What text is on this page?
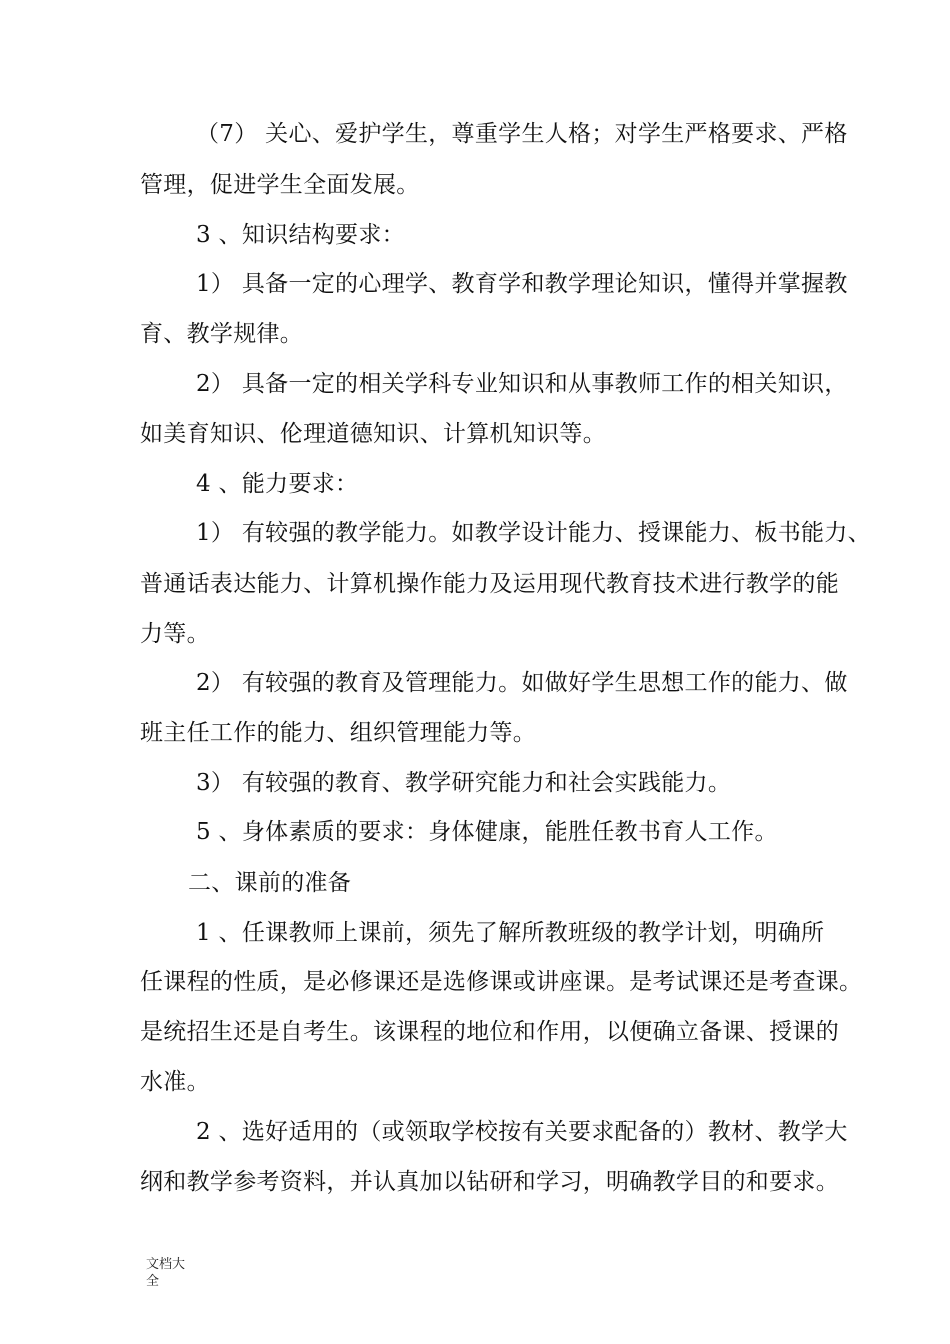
（7） 关心、爱护学生，尊重学生人格；对学生严格要求、严格
管理，促进学生全面发展。
3 、知识结构要求：
1） 具备一定的心理学、教育学和教学理论知识，懂得并掌握教
育、教学规律。
2） 具备一定的相关学科专业知识和从事教师工作的相关知识，
如美育知识、伦理道德知识、计算机知识等。
4 、能力要求：
1） 有较强的教学能力。如教学设计能力、授课能力、板书能力、
普通话表达能力、计算机操作能力及运用现代教育技术进行教学的能
力等。
2） 有较强的教育及管理能力。如做好学生思想工作的能力、做
班主任工作的能力、组织管理能力等。
3） 有较强的教育、教学研究能力和社会实践能力。
5 、身体素质的要求：身体健康，能胜任教书育人工作。
二、课前的准备
1 、任课教师上课前，须先了解所教班级的教学计划，明确所
任课程的性质，是必修课还是选修课或讲座课。是考试课还是考查课。
是统招生还是自考生。该课程的地位和作用，以便确立备课、授课的
水准。
2 、选好适用的（或领取学校按有关要求配备的）教材、教学大
纲和教学参考资料，并认真加以钻研和学习，明确教学目的和要求。
文档大全
